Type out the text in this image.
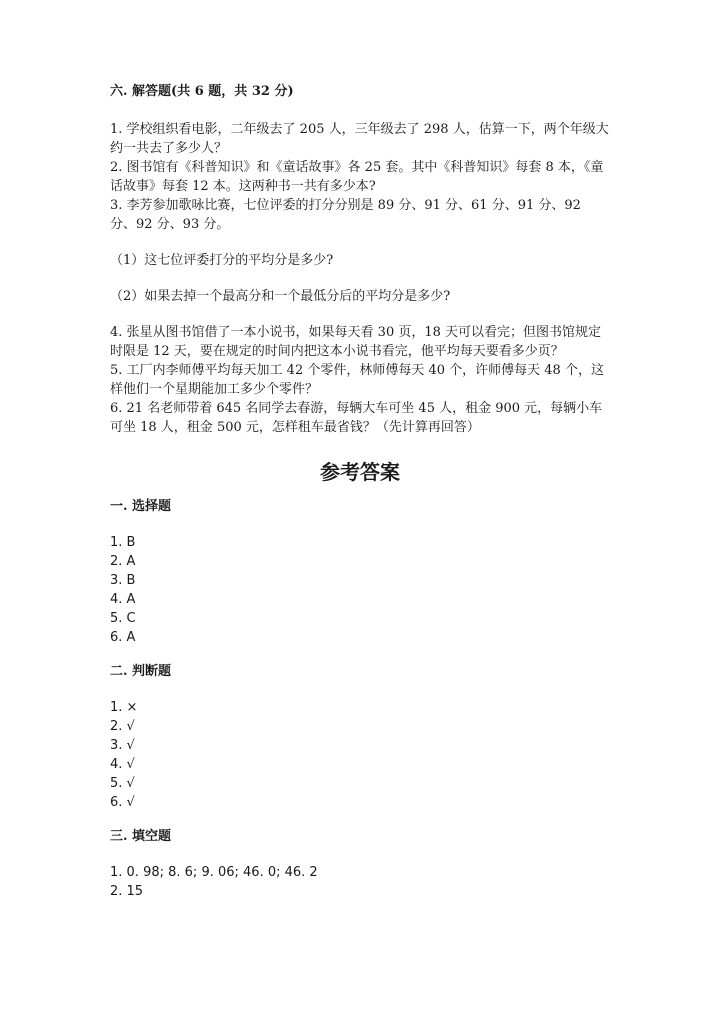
六. 解答题(共 6 题，共 32 分)

1. 学校组织看电影，二年级去了 205 人，三年级去了 298 人，估算一下，两个年级大约一共去了多少人？

2. 图书馆有《科普知识》和《童话故事》各 25 套。其中《科普知识》每套 8 本，《童话故事》每套 12 本。这两种书一共有多少本?

3. 李芳参加歌咏比赛，七位评委的打分分别是 89 分、91 分、61 分、91 分、92 分、92 分、93 分。

（1）这七位评委打分的平均分是多少?
（2）如果去掉一个最高分和一个最低分后的平均分是多少?

4. 张星从图书馆借了一本小说书，如果每天看 30 页，18 天可以看完；但图书馆规定时限是 12 天，要在规定的时间内把这本小说书看完，他平均每天要看多少页？

5. 工厂内李师傅平均每天加工 42 个零件，林师傅每天 40 个，许师傅每天 48 个，这样他们一个星期能加工多少个零件？

6. 21 名老师带着 645 名同学去春游，每辆大车可坐 45 人，租金 900 元，每辆小车可坐 18 人，租金 500 元，怎样租车最省钱？（先计算再回答）

参考答案
一. 选择题
1. B
2. A
3. B
4. A
5. C
6. A
二. 判断题
1. ×
2. √
3. √
4. √
5. √
6. √
三. 填空题
1. 0. 98; 8. 6; 9. 06; 46. 0; 46. 2
2. 15
